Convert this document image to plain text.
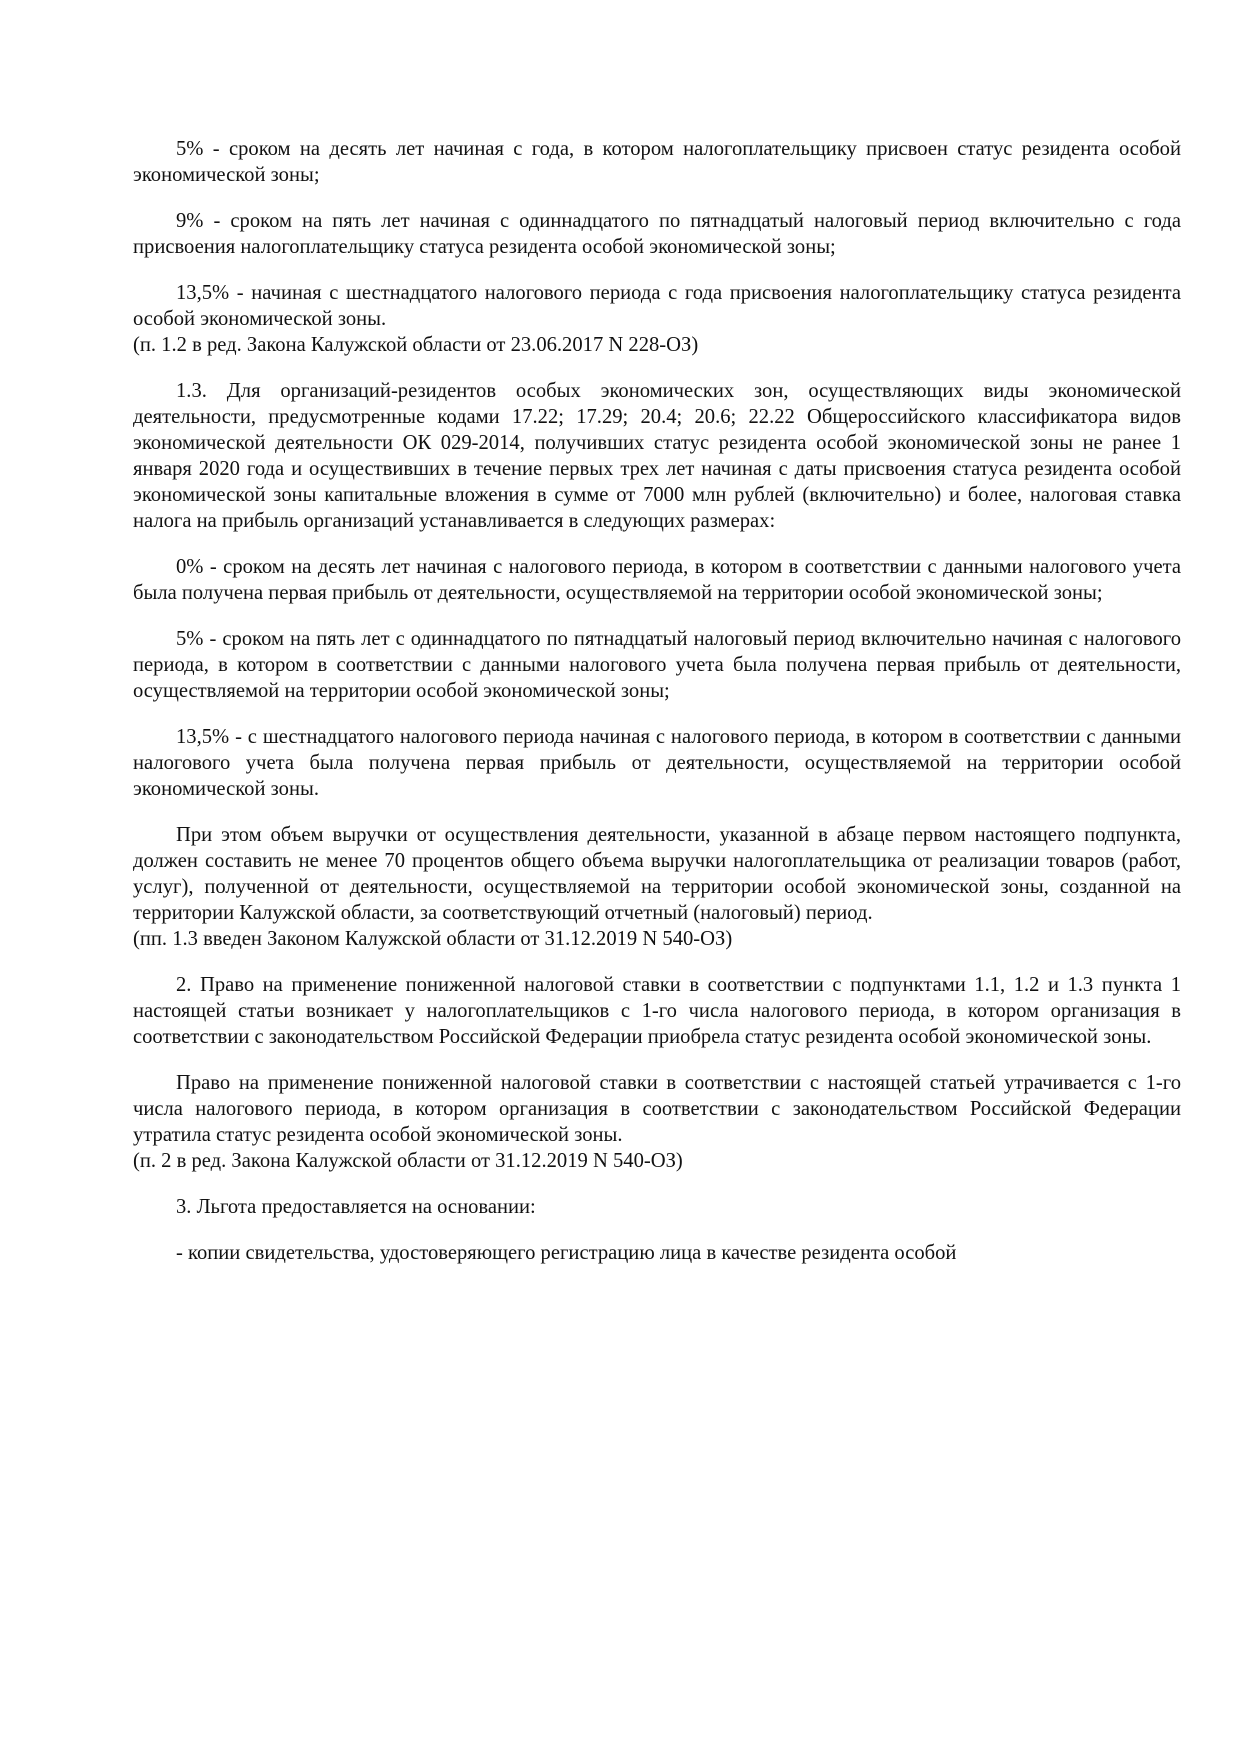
5% - сроком на десять лет начиная с года, в котором налогоплательщику присвоен статус резидента особой экономической зоны;

9% - сроком на пять лет начиная с одиннадцатого по пятнадцатый налоговый период включительно с года присвоения налогоплательщику статуса резидента особой экономической зоны;

13,5% - начиная с шестнадцатого налогового периода с года присвоения налогоплательщику статуса резидента особой экономической зоны.

(п. 1.2 в ред. Закона Калужской области от 23.06.2017 N 228-ОЗ)

1.3. Для организаций-резидентов особых экономических зон, осуществляющих виды экономической деятельности, предусмотренные кодами 17.22; 17.29; 20.4; 20.6; 22.22 Общероссийского классификатора видов экономической деятельности ОК 029-2014, получивших статус резидента особой экономической зоны не ранее 1 января 2020 года и осуществивших в течение первых трех лет начиная с даты присвоения статуса резидента особой экономической зоны капитальные вложения в сумме от 7000 млн рублей (включительно) и более, налоговая ставка налога на прибыль организаций устанавливается в следующих размерах:

0% - сроком на десять лет начиная с налогового периода, в котором в соответствии с данными налогового учета была получена первая прибыль от деятельности, осуществляемой на территории особой экономической зоны;

5% - сроком на пять лет с одиннадцатого по пятнадцатый налоговый период включительно начиная с налогового периода, в котором в соответствии с данными налогового учета была получена первая прибыль от деятельности, осуществляемой на территории особой экономической зоны;

13,5% - с шестнадцатого налогового периода начиная с налогового периода, в котором в соответствии с данными налогового учета была получена первая прибыль от деятельности, осуществляемой на территории особой экономической зоны.

При этом объем выручки от осуществления деятельности, указанной в абзаце первом настоящего подпункта, должен составить не менее 70 процентов общего объема выручки налогоплательщика от реализации товаров (работ, услуг), полученной от деятельности, осуществляемой на территории особой экономической зоны, созданной на территории Калужской области, за соответствующий отчетный (налоговый) период.

(пп. 1.3 введен Законом Калужской области от 31.12.2019 N 540-ОЗ)

2. Право на применение пониженной налоговой ставки в соответствии с подпунктами 1.1, 1.2 и 1.3 пункта 1 настоящей статьи возникает у налогоплательщиков с 1-го числа налогового периода, в котором организация в соответствии с законодательством Российской Федерации приобрела статус резидента особой экономической зоны.

Право на применение пониженной налоговой ставки в соответствии с настоящей статьей утрачивается с 1-го числа налогового периода, в котором организация в соответствии с законодательством Российской Федерации утратила статус резидента особой экономической зоны.

(п. 2 в ред. Закона Калужской области от 31.12.2019 N 540-ОЗ)

3. Льгота предоставляется на основании:

- копии свидетельства, удостоверяющего регистрацию лица в качестве резидента особой
